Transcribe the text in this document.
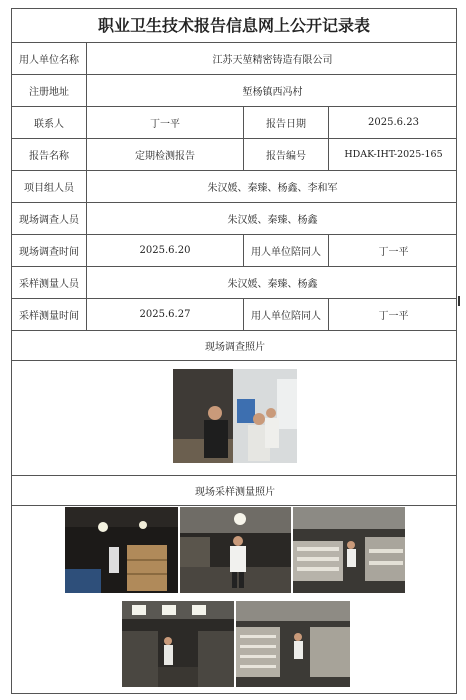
职业卫生技术报告信息网上公开记录表
用人单位名称	江苏天堃精密铸造有限公司
注册地址	堑杨镇西冯村
联系人	丁一平	报告日期	2025.6.23
报告名称	定期检测报告	报告编号	HDAK-IHT-2025-165
项目组人员	朱汉媛、秦臻、杨鑫、李和军
现场调查人员	朱汉媛、秦臻、杨鑫
现场调查时间	2025.6.20	用人单位陪同人	丁一平
采样测量人员	朱汉媛、秦臻、杨鑫
采样测量时间	2025.6.27	用人单位陪同人	丁一平
现场调查照片
现场采样测量照片
